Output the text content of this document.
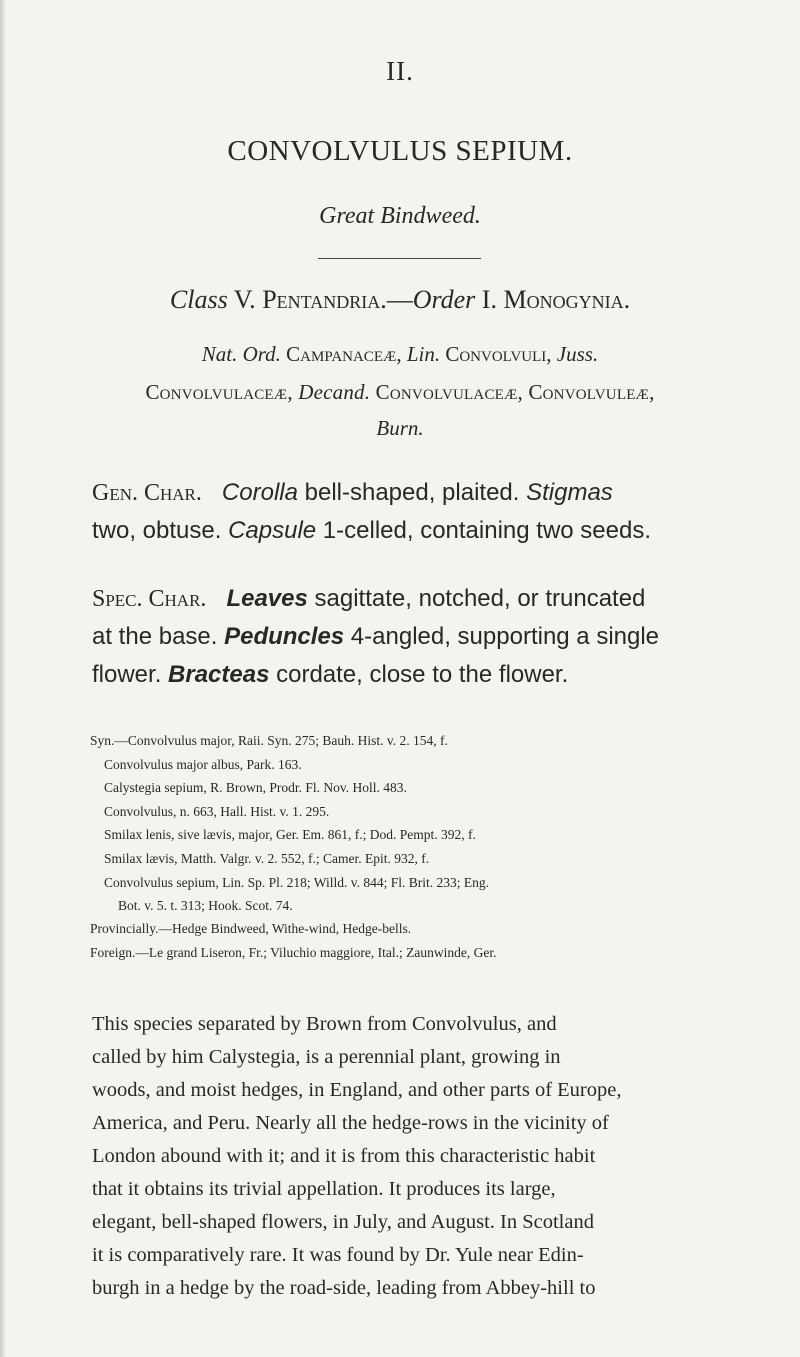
II.
CONVOLVULUS SEPIUM.
Great Bindweed.
Class V. Pentandria.—Order I. Monogynia.
Nat. Ord. Campanaceæ, Lin. Convolvuli, Juss.
Convolvulaceæ, Decand. Convolvulaceæ, Convolvuleæ,
Burn.
Gen. Char. Corolla bell-shaped, plaited. Stigmas
two, obtuse. Capsule 1-celled, containing two seeds.
Spec. Char. Leaves sagittate, notched, or truncated
at the base. Peduncles 4-angled, supporting a single
flower. Bracteas cordate, close to the flower.
Syn.—Convolvulus major, Raii. Syn. 275; Bauh. Hist. v. 2. 154, f.
Convolvulus major albus, Park. 163.
Calystegia sepium, R. Brown, Prodr. Fl. Nov. Holl. 483.
Convolvulus, n. 663, Hall. Hist. v. 1. 295.
Smilax lenis, sive lævis, major, Ger. Em. 861, f.; Dod. Pempt. 392, f.
Smilax lævis, Matth. Valgr. v. 2. 552, f.; Camer. Epit. 932, f.
Convolvulus sepium, Lin. Sp. Pl. 218; Willd. v. 844; Fl. Brit. 233; Eng.
Bot. v. 5. t. 313; Hook. Scot. 74.
Provincially.—Hedge Bindweed, Withe-wind, Hedge-bells.
Foreign.—Le grand Liseron, Fr.; Viluchio maggiore, Ital.; Zaunwinde, Ger.
This species separated by Brown from Convolvulus, and
called by him Calystegia, is a perennial plant, growing in
woods, and moist hedges, in England, and other parts of Europe,
America, and Peru. Nearly all the hedge-rows in the vicinity of
London abound with it; and it is from this characteristic habit
that it obtains its trivial appellation. It produces its large,
elegant, bell-shaped flowers, in July, and August. In Scotland
it is comparatively rare. It was found by Dr. Yule near Edin-
burgh in a hedge by the road-side, leading from Abbey-hill to
